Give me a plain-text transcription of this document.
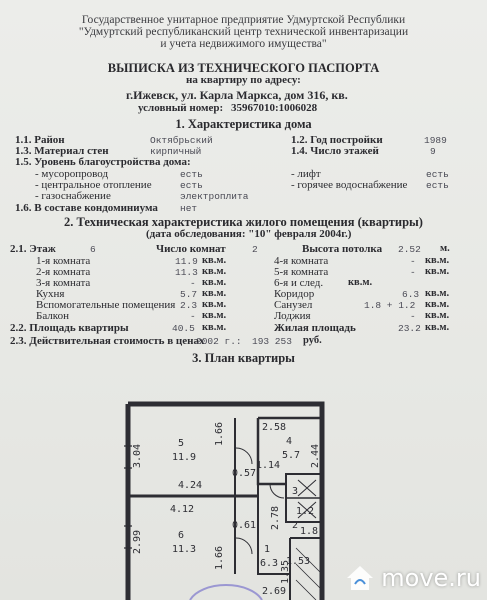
Государственное унитарное предприятие Удмуртской Республики
"Удмуртский республиканский центр технической инвентаризации
и учета недвижимого имущества"
ВЫПИСКА ИЗ ТЕХНИЧЕСКОГО ПАСПОРТА
на квартиру по адресу:
г.Ижевск, ул. Карла Маркса, дом 316, кв.
условный номер: 35967010:1006028
1. Характеристика дома
1.1. Район	Октябрьский	1.2. Год постройки	1989
1.3. Материал стен	кирпичный	1.4. Число этажей	9
1.5. Уровень благоустройства дома:
- мусоропровод	есть	- лифт	есть
- центральное отопление	есть	- горячее водоснабжение есть
- газоснабжение	электроплита
1.6. В составе кондоминиума нет
2. Техническая характеристика жилого помещения (квартиры)
(дата обследования: "10" февраля 2004г.)
2.1. Этаж	6	Число комнат	2	Высота потолка 2.52 м.
1-я комната	11.9 кв.м.	4-я комната	- кв.м.
2-я комната	11.3 кв.м.	5-я комната	- кв.м.
3-я комната	- кв.м.	6-я и след. кв.м.
Кухня	5.7 кв.м.	Коридор	6.3 кв.м.
Вспомогательные помещения 2.3 кв.м.	Санузел	1.8 + 1.2 кв.м.
Балкон	- кв.м.	Лоджия	- кв.м.
2.2. Площадь квартиры	40.5 кв.м.	Жилая площадь	23.2 кв.м.
2.3. Действительная стоимость в ценах
2002 г.: 193 253 руб.
3. План квартиры
5
11.9
3.04
4.24
1.66
0.57
4.12
6
11.3
2.99
0.61
1.66
2.58
4
5.7 2.44
1.14
2.78 2
3
1.8
1.2
1
6.3 1.53
1.35
2.69	move.ru
